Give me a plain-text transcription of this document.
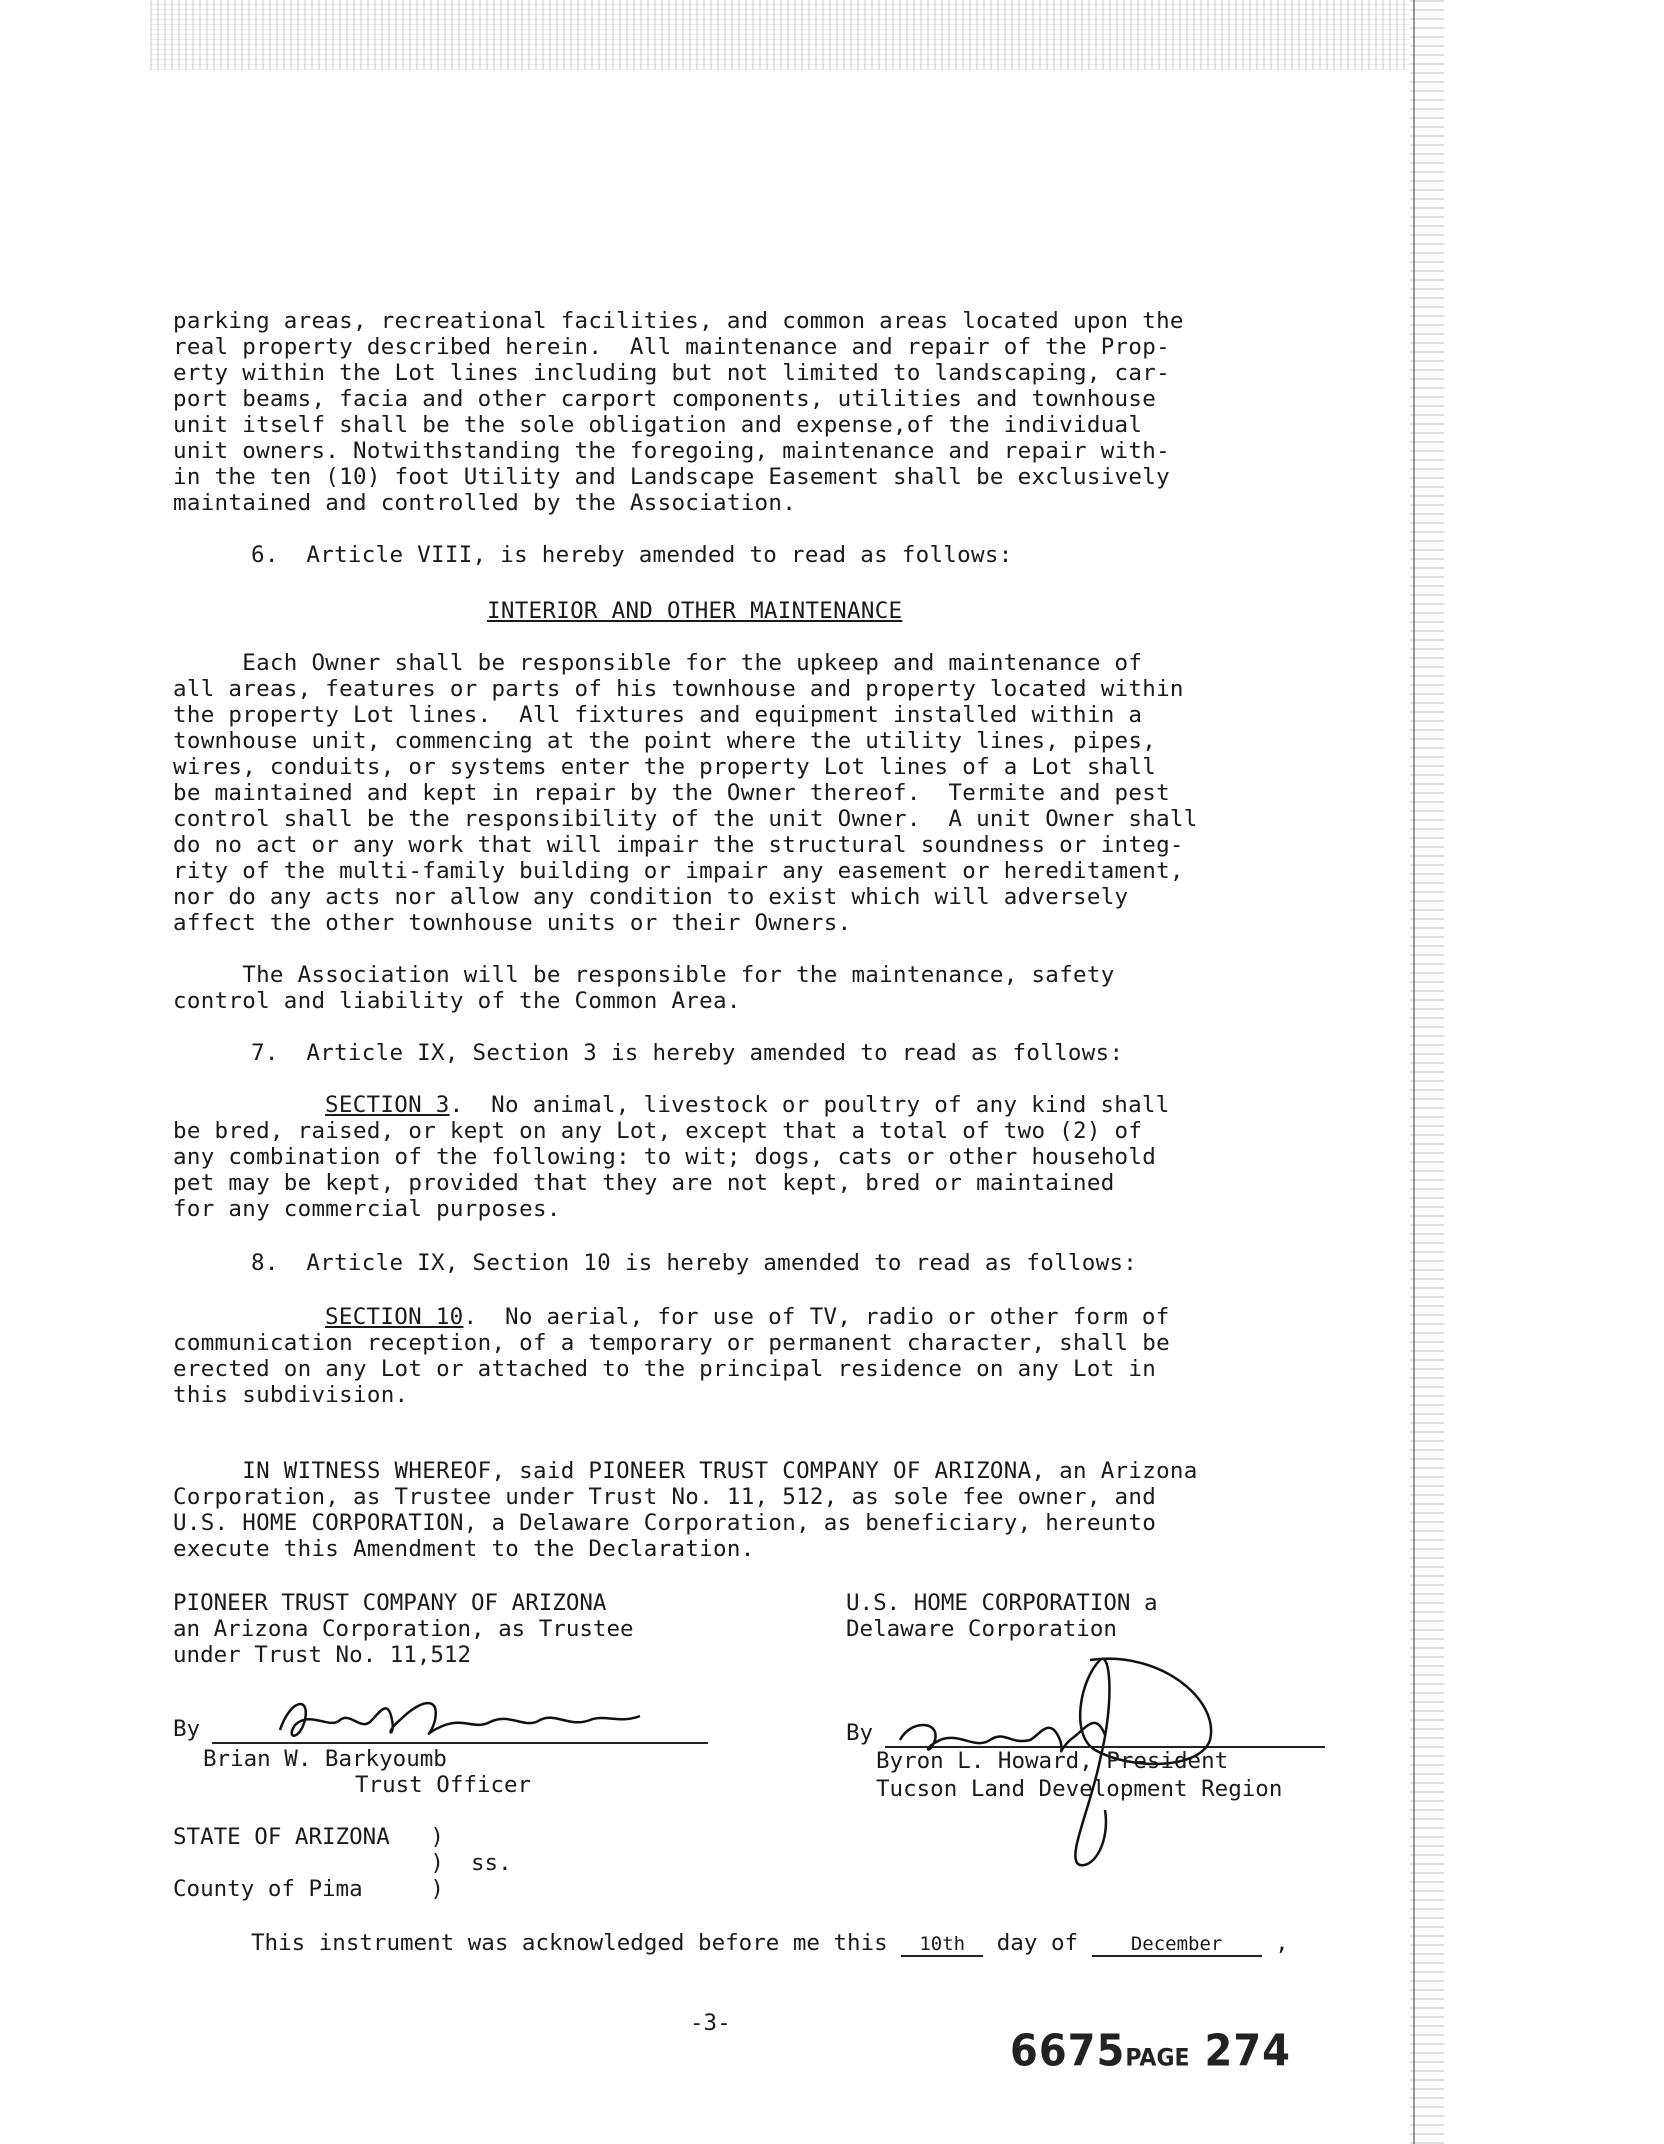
parking areas, recreational facilities, and common areas located upon the
real property described herein.  All maintenance and repair of the Prop-
erty within the Lot lines including but not limited to landscaping, car-
port beams, facia and other carport components, utilities and townhouse
unit itself shall be the sole obligation and expense,of the individual
unit owners. Notwithstanding the foregoing, maintenance and repair with-
in the ten (10) foot Utility and Landscape Easement shall be exclusively
maintained and controlled by the Association.
6.  Article VIII, is hereby amended to read as follows:
INTERIOR AND OTHER MAINTENANCE
Each Owner shall be responsible for the upkeep and maintenance of
all areas, features or parts of his townhouse and property located within
the property Lot lines.  All fixtures and equipment installed within a
townhouse unit, commencing at the point where the utility lines, pipes,
wires, conduits, or systems enter the property Lot lines of a Lot shall
be maintained and kept in repair by the Owner thereof.  Termite and pest
control shall be the responsibility of the unit Owner.  A unit Owner shall
do no act or any work that will impair the structural soundness or integ-
rity of the multi-family building or impair any easement or hereditament,
nor do any acts nor allow any condition to exist which will adversely
affect the other townhouse units or their Owners.
The Association will be responsible for the maintenance, safety
control and liability of the Common Area.
7.  Article IX, Section 3 is hereby amended to read as follows:
SECTION 3.  No animal, livestock or poultry of any kind shall
be bred, raised, or kept on any Lot, except that a total of two (2) of
any combination of the following: to wit; dogs, cats or other household
pet may be kept, provided that they are not kept, bred or maintained
for any commercial purposes.
8.  Article IX, Section 10 is hereby amended to read as follows:
SECTION 10.  No aerial, for use of TV, radio or other form of
communication reception, of a temporary or permanent character, shall be
erected on any Lot or attached to the principal residence on any Lot in
this subdivision.
IN WITNESS WHEREOF, said PIONEER TRUST COMPANY OF ARIZONA, an Arizona
Corporation, as Trustee under Trust No. 11, 512, as sole fee owner, and
U.S. HOME CORPORATION, a Delaware Corporation, as beneficiary, hereunto
execute this Amendment to the Declaration.
PIONEER TRUST COMPANY OF ARIZONA
an Arizona Corporation, as Trustee
under Trust No. 11,512
U.S. HOME CORPORATION a
Delaware Corporation
By
Brian W. Barkyoumb
Trust Officer
By
Byron L. Howard, President
Tucson Land Development Region
STATE OF ARIZONA   )
)  ss.
County of Pima     )
This instrument was acknowledged before me this 10th day of December ,
-3-
6675PAGE 274
